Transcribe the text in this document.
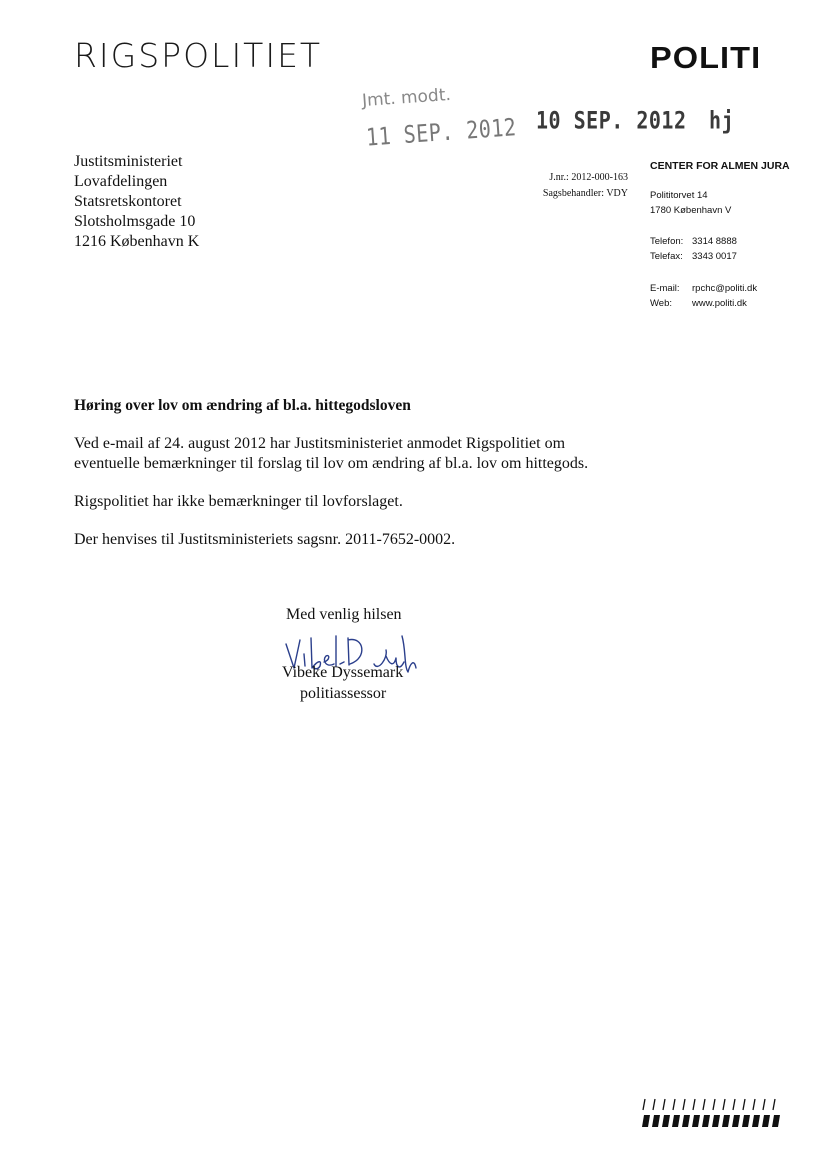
RIGSPOLITIET	POLITI
Jmt. modt.
11 SEP. 2012 10 SEP. 2012 hj
Justitsministeriet
Lovafdelingen
Statsretskontoret
Slotsholmsgade 10
1216 København K
J.nr.: 2012-000-163
Sagsbehandler: VDY
CENTER FOR ALMEN JURA
Polititorvet 14
1780 København V
Telefon: 3314 8888
Telefax: 3343 0017
E-mail: rpchc@politi.dk
Web: www.politi.dk
Høring over lov om ændring af bl.a. hittegodsloven
Ved e-mail af 24. august 2012 har Justitsministeriet anmodet Rigspolitiet om
eventuelle bemærkninger til forslag til lov om ændring af bl.a. lov om hittegods.
Rigspolitiet har ikke bemærkninger til lovforslaget.
Der henvises til Justitsministeriets sagsnr. 2011-7652-0002.
Med venlig hilsen
Vibeke Dyssemark
politiassessor
